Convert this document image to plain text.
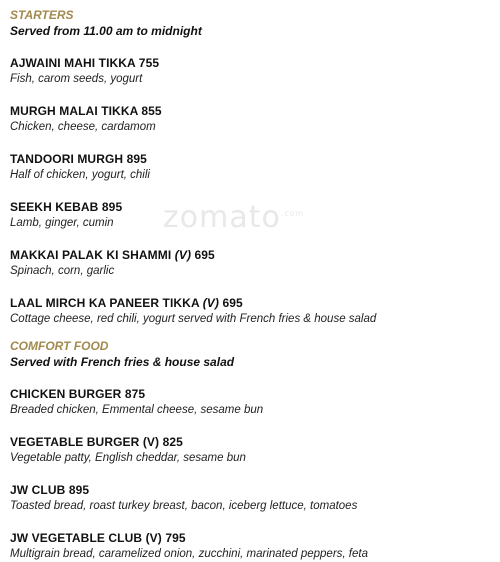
zomato$^{.com}$
STARTERS
Served from 11.00 am to midnight
AJWAINI MAHI TIKKA 755
Fish, carom seeds, yogurt
MURGH MALAI TIKKA 855
Chicken, cheese, cardamom
TANDOORI MURGH 895
Half of chicken, yogurt, chili
SEEKH KEBAB 895
Lamb, ginger, cumin
MAKKAI PALAK KI SHAMMI (V) 695
Spinach, corn, garlic
LAAL MIRCH KA PANEER TIKKA (V) 695
Cottage cheese, red chili, yogurt served with French fries & house salad
COMFORT FOOD
Served with French fries & house salad
CHICKEN BURGER 875
Breaded chicken, Emmental cheese, sesame bun
VEGETABLE BURGER (V) 825
Vegetable patty, English cheddar, sesame bun
JW CLUB 895
Toasted bread, roast turkey breast, bacon, iceberg lettuce, tomatoes
JW VEGETABLE CLUB (V) 795
Multigrain bread, caramelized onion, zucchini, marinated peppers, feta
